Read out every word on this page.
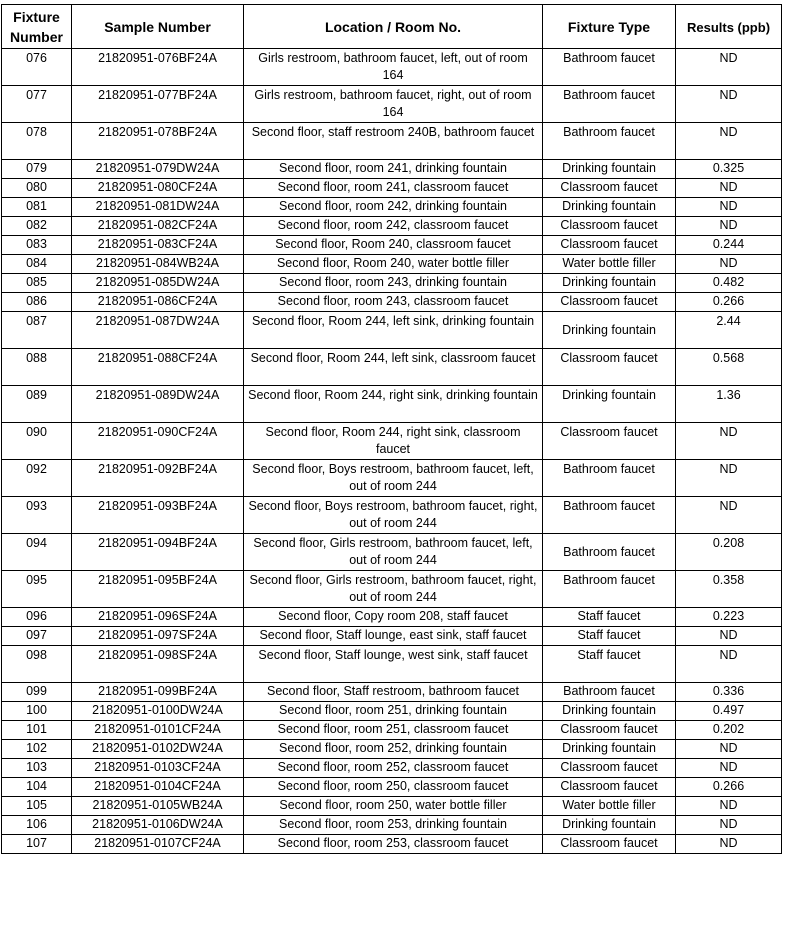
Fixture Number	Sample Number	Location / Room No.	Fixture Type	Results (ppb)
076	21820951-076BF24A	Girls restroom, bathroom faucet, left, out of room 164	Bathroom faucet	ND
077	21820951-077BF24A	Girls restroom, bathroom faucet, right, out of room 164	Bathroom faucet	ND
078	21820951-078BF24A	Second floor, staff restroom 240B, bathroom faucet	Bathroom faucet	ND
079	21820951-079DW24A	Second floor, room 241, drinking fountain	Drinking fountain	0.325
080	21820951-080CF24A	Second floor, room 241, classroom faucet	Classroom faucet	ND
081	21820951-081DW24A	Second floor, room 242, drinking fountain	Drinking fountain	ND
082	21820951-082CF24A	Second floor, room 242, classroom faucet	Classroom faucet	ND
083	21820951-083CF24A	Second floor, Room 240, classroom faucet	Classroom faucet	0.244
084	21820951-084WB24A	Second floor, Room 240, water bottle filler	Water bottle filler	ND
085	21820951-085DW24A	Second floor, room 243, drinking fountain	Drinking fountain	0.482
086	21820951-086CF24A	Second floor, room 243, classroom faucet	Classroom faucet	0.266
087	21820951-087DW24A	Second floor, Room 244, left sink, drinking fountain	Drinking fountain	2.44
088	21820951-088CF24A	Second floor, Room 244, left sink, classroom faucet	Classroom faucet	0.568
089	21820951-089DW24A	Second floor, Room 244, right sink, drinking fountain	Drinking fountain	1.36
090	21820951-090CF24A	Second floor, Room 244, right sink, classroom faucet	Classroom faucet	ND
092	21820951-092BF24A	Second floor, Boys restroom, bathroom faucet, left, out of room 244	Bathroom faucet	ND
093	21820951-093BF24A	Second floor, Boys restroom, bathroom faucet, right, out of room 244	Bathroom faucet	ND
094	21820951-094BF24A	Second floor, Girls restroom, bathroom faucet, left, out of room 244	Bathroom faucet	0.208
095	21820951-095BF24A	Second floor, Girls restroom, bathroom faucet, right, out of room 244	Bathroom faucet	0.358
096	21820951-096SF24A	Second floor, Copy room 208, staff faucet	Staff faucet	0.223
097	21820951-097SF24A	Second floor, Staff lounge, east sink, staff faucet	Staff faucet	ND
098	21820951-098SF24A	Second floor, Staff lounge, west sink, staff faucet	Staff faucet	ND
099	21820951-099BF24A	Second floor, Staff restroom, bathroom faucet	Bathroom faucet	0.336
100	21820951-0100DW24A	Second floor, room 251, drinking fountain	Drinking fountain	0.497
101	21820951-0101CF24A	Second floor, room 251, classroom faucet	Classroom faucet	0.202
102	21820951-0102DW24A	Second floor, room 252, drinking fountain	Drinking fountain	ND
103	21820951-0103CF24A	Second floor, room 252, classroom faucet	Classroom faucet	ND
104	21820951-0104CF24A	Second floor, room 250, classroom faucet	Classroom faucet	0.266
105	21820951-0105WB24A	Second floor, room 250, water bottle filler	Water bottle filler	ND
106	21820951-0106DW24A	Second floor, room 253, drinking fountain	Drinking fountain	ND
107	21820951-0107CF24A	Second floor, room 253, classroom faucet	Classroom faucet	ND
